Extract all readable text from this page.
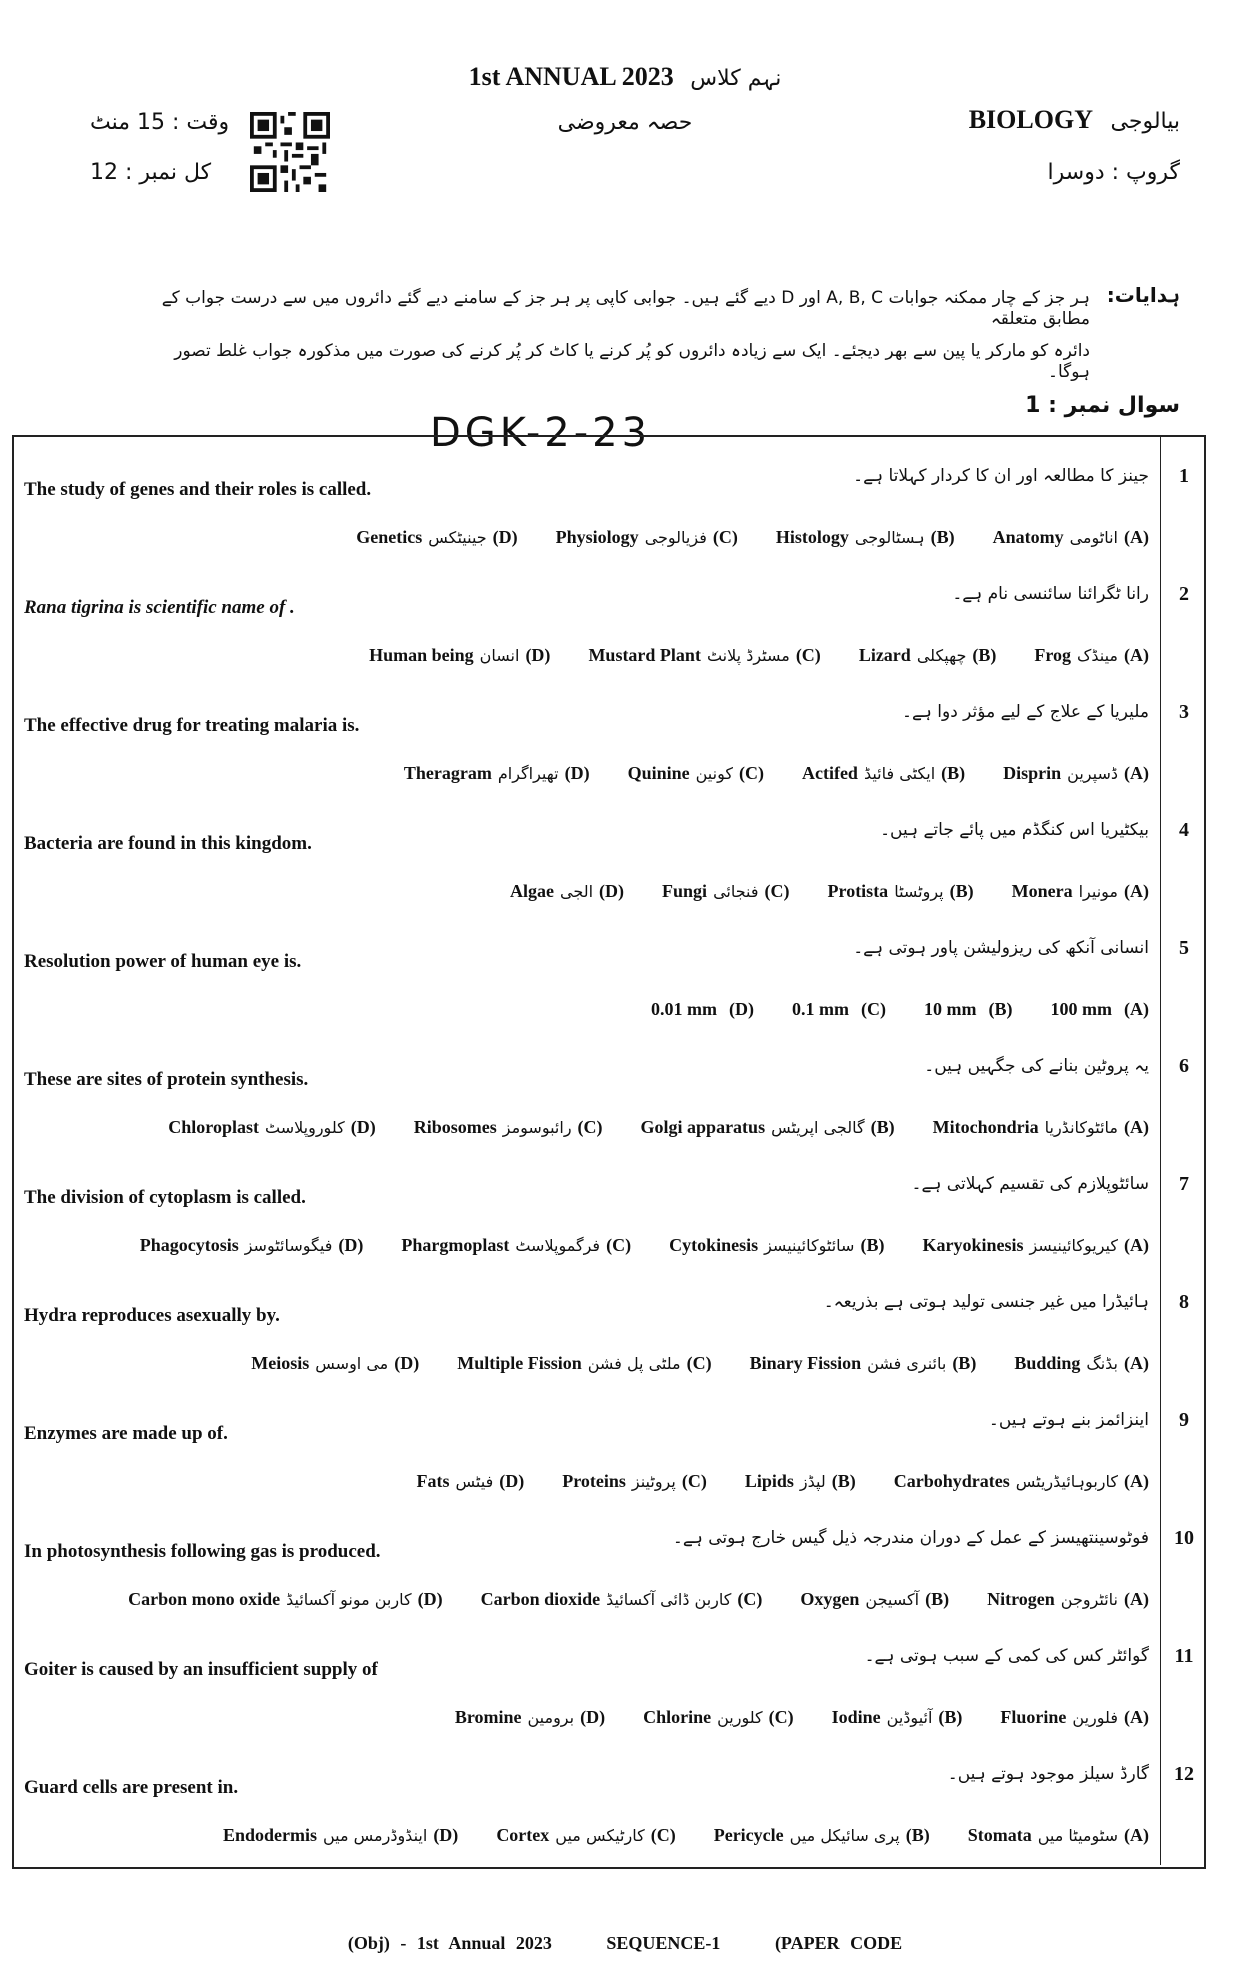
1st ANNUAL 2023 نہم کلاس
حصہ معروضی	BIOLOGY بیالوجی
گروپ : دوسرا
وقت : 15 منٹ
کل نمبر : 12
ہدایات:
ہر جز کے چار ممکنہ جوابات A, B, C اور D دیے گئے ہیں۔ جوابی کاپی پر ہر جز کے سامنے دیے گئے دائروں میں سے درست جواب کے مطابق متعلقہ
دائرہ کو مارکر یا پین سے بھر دیجئے۔ ایک سے زیادہ دائروں کو پُر کرنے یا کاٹ کر پُر کرنے کی صورت میں مذکورہ جواب غلط تصور ہوگا۔
سوال نمبر : 1
DGK-2-23
1
جینز کا مطالعہ اور ان کا کردار کہلاتا ہے۔
The study of genes and their roles is called.
Anatomy اناٹومی (A)Histology ہسٹالوجی (B)Physiology فزیالوجی (C)Genetics جینیٹکس (D)
2
رانا ٹگرائنا سائنسی نام ہے۔
Rana tigrina is scientific name of .
Frog مینڈک (A)Lizard چھپکلی (B)Mustard Plant مسٹرڈ پلانٹ (C)Human being انسان (D)
3
ملیریا کے علاج کے لیے مؤثر دوا ہے۔
The effective drug for treating malaria is.
Disprin ڈسپرین (A)Actifed ایکٹی فائیڈ (B)Quinine کونین (C)Theragram تھیراگرام (D)
4
بیکٹیریا اس کنگڈم میں پائے جاتے ہیں۔
Bacteria are found in this kingdom.
Monera مونیرا (A)Protista پروٹسٹا (B)Fungi فنجائی (C)Algae الجی (D)
5
انسانی آنکھ کی ریزولیشن پاور ہوتی ہے۔
Resolution power of human eye is.
100 mm (A)10 mm (B)0.1 mm (C)0.01 mm (D)
6
یہ پروٹین بنانے کی جگہیں ہیں۔
These are sites of protein synthesis.
Mitochondria مائٹوکانڈریا (A)Golgi apparatus گالجی اپریٹس (B)Ribosomes رائبوسومز (C)Chloroplast کلوروپلاسٹ (D)
7
سائٹوپلازم کی تقسیم کہلاتی ہے۔
The division of cytoplasm is called.
Karyokinesis کیریوکائینیسز (A)Cytokinesis سائٹوکائینیسز (B)Phargmoplast فرگموپلاسٹ (C)Phagocytosis فیگوسائٹوسز (D)
8
ہائیڈرا میں غیر جنسی تولید ہوتی ہے بذریعہ۔
Hydra reproduces asexually by.
Budding بڈنگ (A)Binary Fission بائنری فشن (B)Multiple Fission ملٹی پل فشن (C)Meiosis می اوسس (D)
9
اینزائمز بنے ہوتے ہیں۔
Enzymes are made up of.
Carbohydrates کاربوہائیڈریٹس (A)Lipids لپڈز (B)Proteins پروٹینز (C)Fats فیٹس (D)
10
فوٹوسینتھیسز کے عمل کے دوران مندرجہ ذیل گیس خارج ہوتی ہے۔
In photosynthesis following gas is produced.
Nitrogen نائٹروجن (A)Oxygen آکسیجن (B)Carbon dioxide کاربن ڈائی آکسائیڈ (C)Carbon mono oxide کاربن مونو آکسائیڈ (D)
11
گوائٹر کس کی کمی کے سبب ہوتی ہے۔
Goiter is caused by an insufficient supply of
Fluorine فلورین (A)Iodine آئیوڈین (B)Chlorine کلورین (C)Bromine برومین (D)
12
گارڈ سیلز موجود ہوتے ہیں۔
Guard cells are present in.
Stomata سٹومیٹا میں (A)Pericycle پری سائیکل میں (B)Cortex کارٹیکس میں (C)Endodermis اینڈوڈرمس میں (D)
(Obj) - 1st Annual 2023	SEQUENCE-1	(PAPER CODE
